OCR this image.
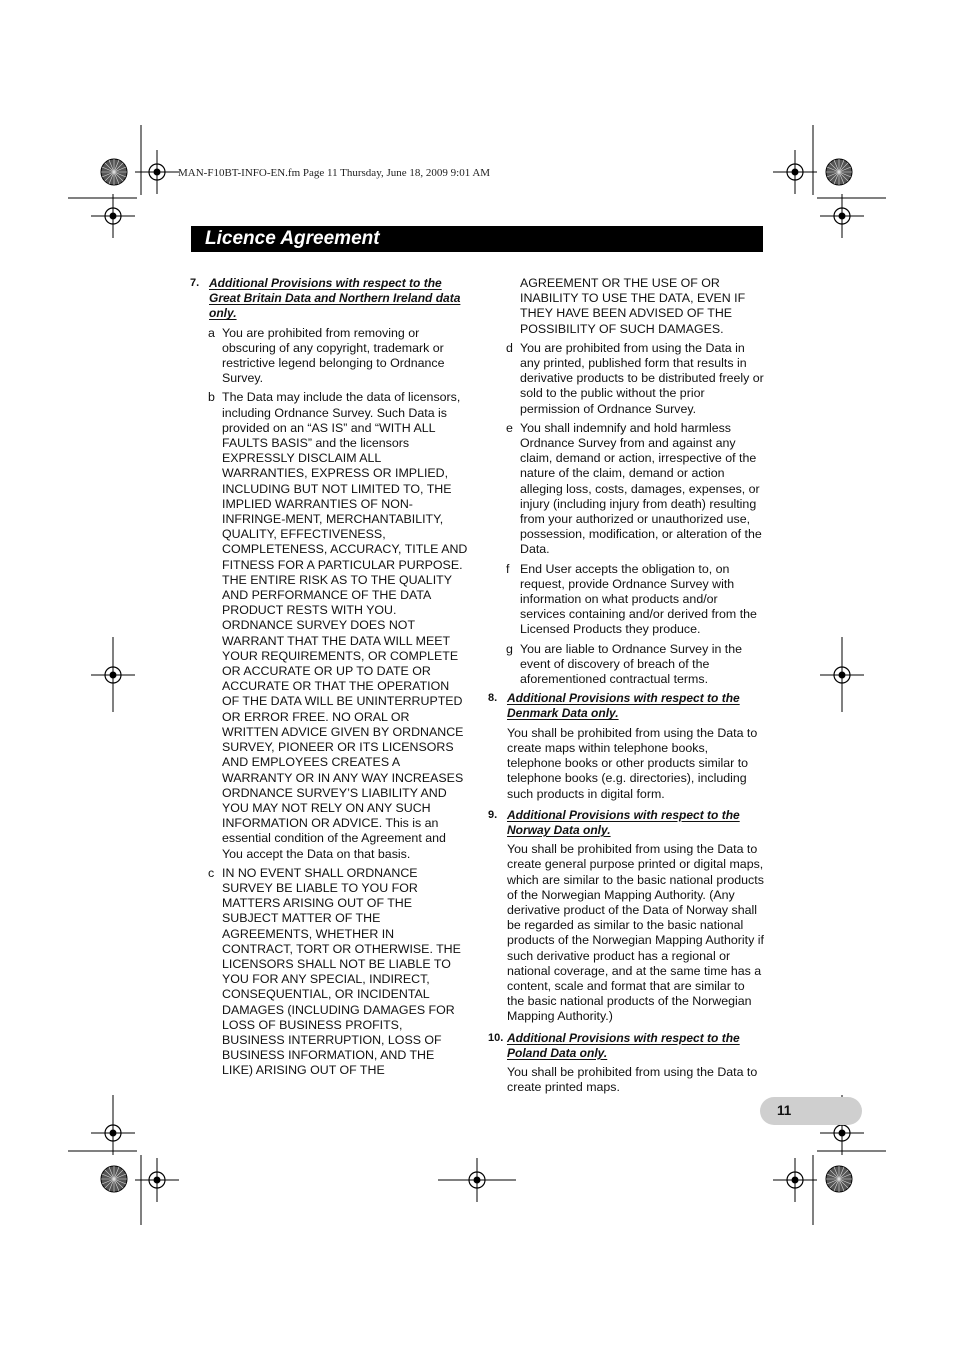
MAN-F10BT-INFO-EN.fm Page 11 Thursday, June 18, 2009 9:01 AM
Licence Agreement
7. Additional Provisions with respect to the Great Britain Data and Northern Ireland data only.
a You are prohibited from removing or obscuring of any copyright, trademark or restrictive legend belonging to Ordnance Survey.
b The Data may include the data of licensors, including Ordnance Survey. Such Data is provided on an “AS IS” and “WITH ALL FAULTS BASIS” and the licensors EXPRESSLY DISCLAIM ALL WARRANTIES, EXPRESS OR IMPLIED, INCLUDING BUT NOT LIMITED TO, THE IMPLIED WARRANTIES OF NON-INFRINGE-MENT, MERCHANTABILITY, QUALITY, EFFECTIVENESS, COMPLETENESS, ACCURACY, TITLE AND FITNESS FOR A PARTICULAR PURPOSE. THE ENTIRE RISK AS TO THE QUALITY AND PERFORMANCE OF THE DATA PRODUCT RESTS WITH YOU. ORDNANCE SURVEY DOES NOT WARRANT THAT THE DATA WILL MEET YOUR REQUIREMENTS, OR COMPLETE OR ACCURATE OR UP TO DATE OR ACCURATE OR THAT THE OPERATION OF THE DATA WILL BE UNINTERRUPTED OR ERROR FREE. NO ORAL OR WRITTEN ADVICE GIVEN BY ORDNANCE SURVEY, PIONEER OR ITS LICENSORS AND EMPLOYEES CREATES A WARRANTY OR IN ANY WAY INCREASES ORDNANCE SURVEY’S LIABILITY AND YOU MAY NOT RELY ON ANY SUCH INFORMATION OR ADVICE. This is an essential condition of the Agreement and You accept the Data on that basis.
c IN NO EVENT SHALL ORDNANCE SURVEY BE LIABLE TO YOU FOR MATTERS ARISING OUT OF THE SUBJECT MATTER OF THE AGREEMENTS, WHETHER IN CONTRACT, TORT OR OTHERWISE. THE LICENSORS SHALL NOT BE LIABLE TO YOU FOR ANY SPECIAL, INDIRECT, CONSEQUENTIAL, OR INCIDENTAL DAMAGES (INCLUDING DAMAGES FOR LOSS OF BUSINESS PROFITS, BUSINESS INTERRUPTION, LOSS OF BUSINESS INFORMATION, AND THE LIKE) ARISING OUT OF THE
AGREEMENT OR THE USE OF OR INABILITY TO USE THE DATA, EVEN IF THEY HAVE BEEN ADVISED OF THE POSSIBILITY OF SUCH DAMAGES.
d You are prohibited from using the Data in any printed, published form that results in derivative products to be distributed freely or sold to the public without the prior permission of Ordnance Survey.
e You shall indemnify and hold harmless Ordnance Survey from and against any claim, demand or action, irrespective of the nature of the claim, demand or action alleging loss, costs, damages, expenses, or injury (including injury from death) resulting from your authorized or unauthorized use, possession, modification, or alteration of the Data.
f End User accepts the obligation to, on request, provide Ordnance Survey with information on what products and/or services containing and/or derived from the Licensed Products they produce.
g You are liable to Ordnance Survey in the event of discovery of breach of the aforementioned contractual terms.
8. Additional Provisions with respect to the Denmark Data only.
You shall be prohibited from using the Data to create maps within telephone books, telephone books or other products similar to telephone books (e.g. directories), including such products in digital form.
9. Additional Provisions with respect to the Norway Data only.
You shall be prohibited from using the Data to create general purpose printed or digital maps, which are similar to the basic national products of the Norwegian Mapping Authority. (Any derivative product of the Data of Norway shall be regarded as similar to the basic national products of the Norwegian Mapping Authority if such derivative product has a regional or national coverage, and at the same time has a content, scale and format that are similar to the basic national products of the Norwegian Mapping Authority.)
10. Additional Provisions with respect to the Poland Data only.
You shall be prohibited from using the Data to create printed maps.
11
